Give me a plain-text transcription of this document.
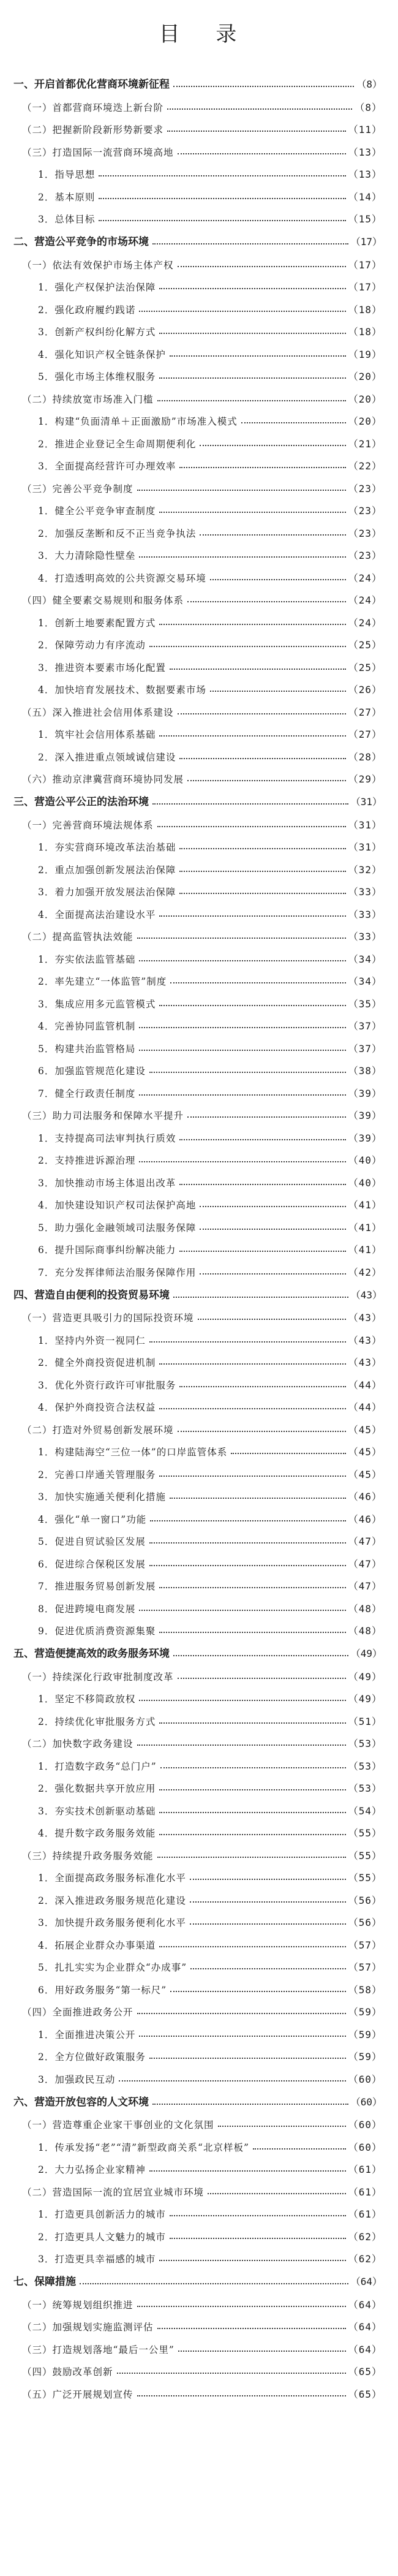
目 录
一、开启首都优化营商环境新征程	（8）
（一）首都营商环境迭上新台阶	（8）
（二）把握新阶段新形势新要求	（11）
（三）打造国际一流营商环境高地	（13）
1．指导思想	（13）
2．基本原则	（14）
3．总体目标	（15）
二、营造公平竞争的市场环境	（17）
（一）依法有效保护市场主体产权	（17）
1．强化产权保护法治保障	（17）
2．强化政府履约践诺	（18）
3．创新产权纠纷化解方式	（18）
4．强化知识产权全链条保护	（19）
5．强化市场主体维权服务	（20）
（二）持续放宽市场准入门槛	（20）
1．构建“负面清单＋正面激励”市场准入模式	（20）
2．推进企业登记全生命周期便利化	（21）
3．全面提高经营许可办理效率	（22）
（三）完善公平竞争制度	（23）
1．健全公平竞争审查制度	（23）
2．加强反垄断和反不正当竞争执法	（23）
3．大力清除隐性壁垒	（23）
4．打造透明高效的公共资源交易环境	（24）
（四）健全要素交易规则和服务体系	（24）
1．创新土地要素配置方式	（24）
2．保障劳动力有序流动	（25）
3．推进资本要素市场化配置	（25）
4．加快培育发展技术、数据要素市场	（26）
（五）深入推进社会信用体系建设	（27）
1．筑牢社会信用体系基础	（27）
2．深入推进重点领域诚信建设	（28）
（六）推动京津冀营商环境协同发展	（29）
三、营造公平公正的法治环境	（31）
（一）完善营商环境法规体系	（31）
1．夯实营商环境改革法治基础	（31）
2．重点加强创新发展法治保障	（32）
3．着力加强开放发展法治保障	（33）
4．全面提高法治建设水平	（33）
（二）提高监管执法效能	（33）
1．夯实依法监管基础	（34）
2．率先建立“一体监管”制度	（34）
3．集成应用多元监管模式	（35）
4．完善协同监管机制	（37）
5．构建共治监管格局	（37）
6．加强监管规范化建设	（38）
7．健全行政责任制度	（39）
（三）助力司法服务和保障水平提升	（39）
1．支持提高司法审判执行质效	（39）
2．支持推进诉源治理	（40）
3．加快推动市场主体退出改革	（40）
4．加快建设知识产权司法保护高地	（41）
5．助力强化金融领域司法服务保障	（41）
6．提升国际商事纠纷解决能力	（41）
7．充分发挥律师法治服务保障作用	（42）
四、营造自由便利的投资贸易环境	（43）
（一）营造更具吸引力的国际投资环境	（43）
1．坚持内外资一视同仁	（43）
2．健全外商投资促进机制	（43）
3．优化外资行政许可审批服务	（44）
4．保护外商投资合法权益	（44）
（二）打造对外贸易创新发展环境	（45）
1．构建陆海空“三位一体”的口岸监管体系	（45）
2．完善口岸通关管理服务	（45）
3．加快实施通关便利化措施	（46）
4．强化“单一窗口”功能	（46）
5．促进自贸试验区发展	（47）
6．促进综合保税区发展	（47）
7．推进服务贸易创新发展	（47）
8．促进跨境电商发展	（48）
9．促进优质消费资源集聚	（48）
五、营造便捷高效的政务服务环境	（49）
（一）持续深化行政审批制度改革	（49）
1．坚定不移简政放权	（49）
2．持续优化审批服务方式	（51）
（二）加快数字政务建设	（53）
1．打造数字政务“总门户”	（53）
2．强化数据共享开放应用	（53）
3．夯实技术创新驱动基础	（54）
4．提升数字政务服务效能	（55）
（三）持续提升政务服务效能	（55）
1．全面提高政务服务标准化水平	（55）
2．深入推进政务服务规范化建设	（56）
3．加快提升政务服务便利化水平	（56）
4．拓展企业群众办事渠道	（57）
5．扎扎实实为企业群众“办成事”	（57）
6．用好政务服务“第一标尺”	（58）
（四）全面推进政务公开	（59）
1．全面推进决策公开	（59）
2．全方位做好政策服务	（59）
3．加强政民互动	（60）
六、营造开放包容的人文环境	（60）
（一）营造尊重企业家干事创业的文化氛围	（60）
1．传承发扬“老”“清”新型政商关系“北京样板”	（60）
2．大力弘扬企业家精神	（61）
（二）营造国际一流的宜居宜业城市环境	（61）
1．打造更具创新活力的城市	（61）
2．打造更具人文魅力的城市	（62）
3．打造更具幸福感的城市	（62）
七、保障措施	（64）
（一）统筹规划组织推进	（64）
（二）加强规划实施监测评估	（64）
（三）打造规划落地“最后一公里”	（64）
（四）鼓励改革创新	（65）
（五）广泛开展规划宣传	（65）
